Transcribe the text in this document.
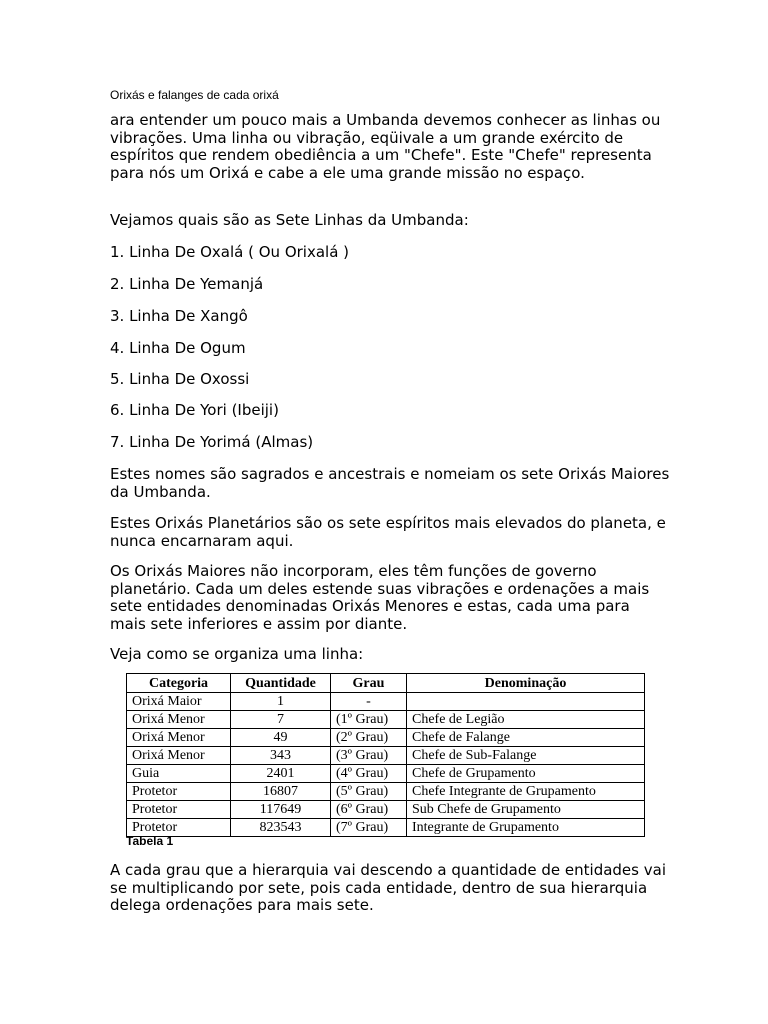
Orixás e falanges de cada orixá

ara entender um pouco mais a Umbanda devemos conhecer as linhas ou vibrações. Uma linha ou vibração, eqüivale a um grande exército de espíritos que rendem obediência a um "Chefe". Este "Chefe" representa para nós um Orixá e cabe a ele uma grande missão no espaço.

Vejamos quais são as Sete Linhas da Umbanda:

1. Linha De Oxalá ( Ou Orixalá )

2. Linha De Yemanjá

3. Linha De Xangô

4. Linha De Ogum

5. Linha De Oxossi

6. Linha De Yori (Ibeiji)

7. Linha De Yorimá (Almas)

Estes nomes são sagrados e ancestrais e nomeiam os sete Orixás Maiores da Umbanda.

Estes Orixás Planetários são os sete espíritos mais elevados do planeta, e nunca encarnaram aqui.

Os Orixás Maiores não incorporam, eles têm funções de governo planetário. Cada um deles estende suas vibrações e ordenações a mais sete entidades denominadas Orixás Menores e estas, cada uma para mais sete inferiores e assim por diante.

Veja como se organiza uma linha:

Categoria	Quantidade	Grau	Denominação
Orixá Maior	1	-	
Orixá Menor	7	(1º Grau)	Chefe de Legião
Orixá Menor	49	(2º Grau)	Chefe de Falange
Orixá Menor	343	(3º Grau)	Chefe de Sub-Falange
Guia	2401	(4º Grau)	Chefe de Grupamento
Protetor	16807	(5º Grau)	Chefe Integrante de Grupamento
Protetor	117649	(6º Grau)	Sub Chefe de Grupamento
Protetor	823543	(7º Grau)	Integrante de Grupamento
Tabela 1

A cada grau que a hierarquia vai descendo a quantidade de entidades vai se multiplicando por sete, pois cada entidade, dentro de sua hierarquia delega ordenações para mais sete.
